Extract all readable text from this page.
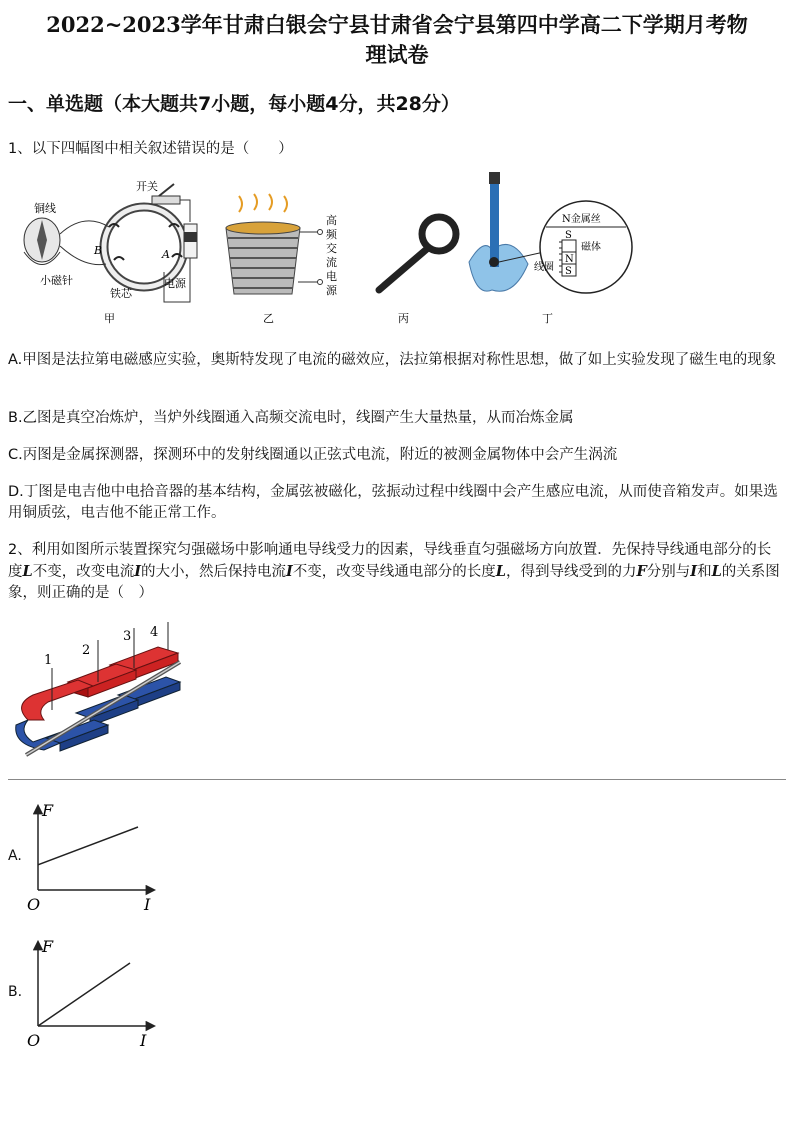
2022~2023学年甘肃白银会宁县甘肃省会宁县第四中学高二下学期月考物
理试卷
一、单选题（本大题共7小题，每小题4分，共28分）

1、以下四幅图中相关叙述错误的是（　　）

铜线
开关
小磁针
铁芯
电源
B	A
甲
高
频
交
流
电
源
乙	丙
N金属丝
S
N
S
磁体
线圈
丁

A.甲图是法拉第电磁感应实验，奥斯特发现了电流的磁效应，法拉第根据对称性思想，做了如上实验发现了磁生电的现象

B.乙图是真空冶炼炉，当炉外线圈通入高频交流电时，线圈产生大量热量，从而冶炼金属

C.丙图是金属探测器，探测环中的发射线圈通以正弦式电流，附近的被测金属物体中会产生涡流

D.丁图是电吉他中电拾音器的基本结构，金属弦被磁化，弦振动过程中线圈中会产生感应电流，从而使音箱发声。如果选用铜质弦，电吉他不能正常工作。

2、利用如图所示装置探究匀强磁场中影响通电导线受力的因素，导线垂直匀强磁场方向放置．先保持导线通电部分的长度L不变，改变电流I的大小，然后保持电流I不变，改变导线通电部分的长度L，得到导线受到的力F分别与I和L的关系图象，则正确的是（　）

1
2
3 4
A.
F
I
O
B.
F
I
O
